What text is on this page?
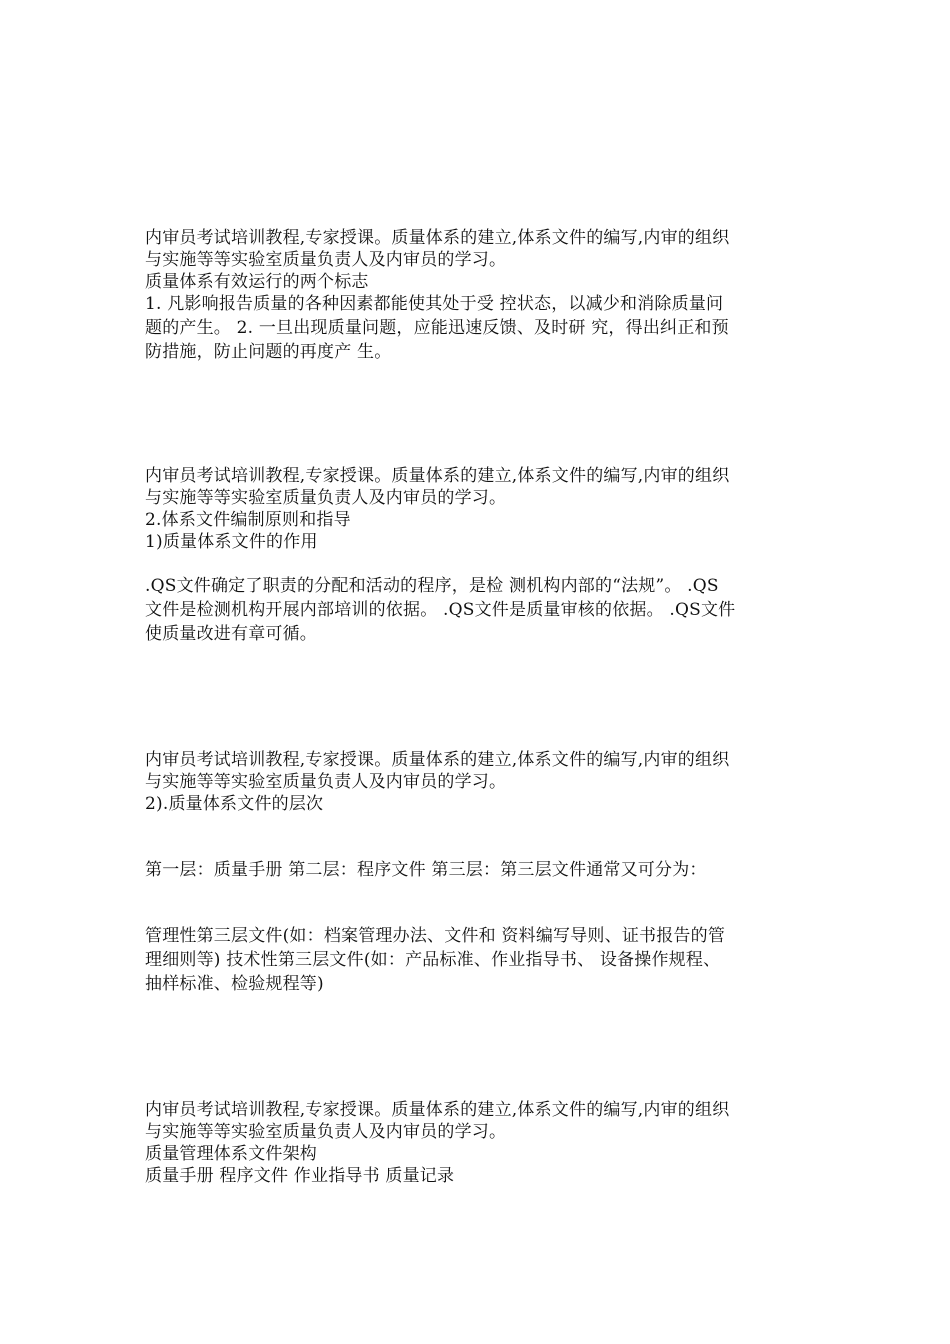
内审员考试培训教程,专家授课。质量体系的建立,体系文件的编写,内审的组织
与实施等等实验室质量负责人及内审员的学习。
质量体系有效运行的两个标志
1. 凡影响报告质量的各种因素都能使其处于受 控状态，以减少和消除质量问
题的产生。 2. 一旦出现质量问题，应能迅速反馈、及时研 究，得出纠正和预
防措施，防止问题的再度产 生。
内审员考试培训教程,专家授课。质量体系的建立,体系文件的编写,内审的组织
与实施等等实验室质量负责人及内审员的学习。
2.体系文件编制原则和指导
1)质量体系文件的作用
.QS文件确定了职责的分配和活动的程序，是检 测机构内部的“法规”。 .QS
文件是检测机构开展内部培训的依据。 .QS文件是质量审核的依据。 .QS文件
使质量改进有章可循。
内审员考试培训教程,专家授课。质量体系的建立,体系文件的编写,内审的组织
与实施等等实验室质量负责人及内审员的学习。
2).质量体系文件的层次
第一层：质量手册 第二层：程序文件 第三层：第三层文件通常又可分为：
管理性第三层文件(如：档案管理办法、文件和 资料编写导则、证书报告的管
理细则等) 技术性第三层文件(如：产品标准、作业指导书、 设备操作规程、
抽样标准、检验规程等)
内审员考试培训教程,专家授课。质量体系的建立,体系文件的编写,内审的组织
与实施等等实验室质量负责人及内审员的学习。
质量管理体系文件架构
质量手册 程序文件 作业指导书 质量记录
